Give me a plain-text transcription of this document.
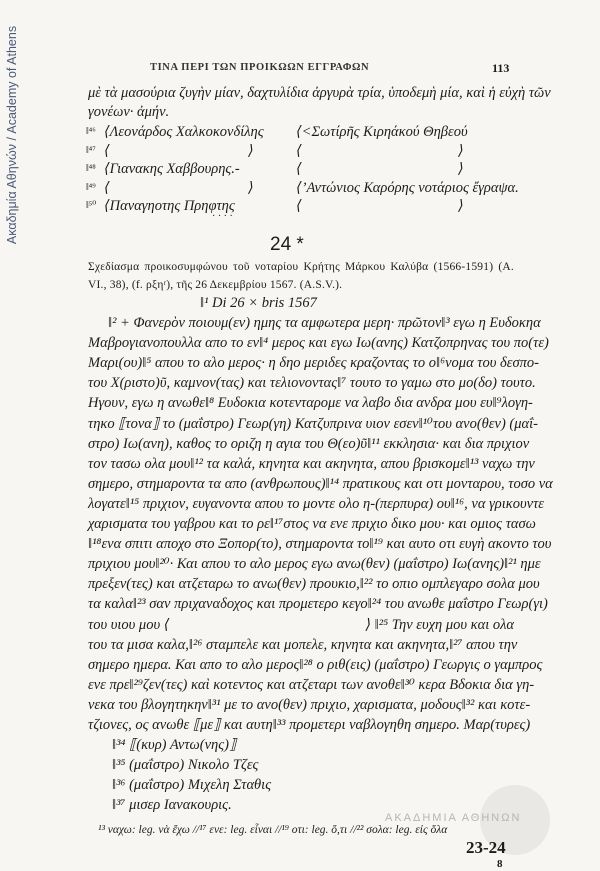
Ακαδημία Αθηνών / Academy of Athens	ΤΙΝΑ ΠΕΡΙ ΤΩΝ ΠΡΟΙΚΩΩΝ ΕΓΓΡΑΦΩΝ	113
μὲ τὰ μασούρια ζυγὴν μίαν, δαχτυλίδια ἀργυρὰ τρία, ὑποδεμὴ μία, καὶ ἡ εὐχὴ τῶν
γονέων· ἀμήν.
‖⁴⁶ ⟨Λεονάρδος Χαλκοκονδίλης ⟨<Σωτίρῆς Κιρηάκού Θηβεού
‖⁴⁷ ⟨	⟩	⟨	⟩
‖⁴⁸ ⟨Γιανακης Χαββουρης.-	⟨	⟩
‖⁴⁹ ⟨	⟩	⟨’Αντώνιος Καρόρης νοτάριος ἔγραψα.
‖⁵⁰ ⟨Παναγηοτης Πρηφτης	⟨	⟩
· · · ·
24 *
Σχεδίασμα προικοσυμφώνου τοῦ νοταρίου Κρήτης Μάρκου Καλύβα (1566-1591) (A.
VI., 38), (f. ρξηʳ), τῆς 26 Δεκεμβρίου 1567. (A.S.V.).
‖¹ Di 26 × bris 1567
‖² + Φανερὸν ποιουμ(εν) ημης τα αμφωτερα μερη· πρῶτον‖³ εγω η Ευδοκηα
Μαβρογιανοπουλλα απο το εν‖⁴ μερος και εγω Ιω(ανης) Κατζοπρηνας του πο(τε)
Μαρι(ου)‖⁵ απου το αλο μερος· η δηο μεριδες κραζοντας το ο‖⁶νομα του δεσπο-
του Χ(ριστο)ῦ, καμνον(τας) και τελιονοντας‖⁷ τουτο το γαμω στο μο(δο) τουτο.
Ηγουν, εγω η ανωθε‖⁸ Ευδοκια κοτενταρομε να λαβο δια ανδρα μου ευ‖⁹λογη-
τηκο ⟦τονα⟧ το (μαΐστρο) Γεωρ(γη) Κατζυπρινα υιον εσεν‖¹⁰του ανο(θεν) (μαΐ-
στρο) Ιω(ανη), καθος το οριζη η αγια του Θ(εο)ῦ‖¹¹ εκκλησια· και δια πριχιον
τον τασω ολα μου‖¹² τα καλά, κηνητα και ακηνητα, απου βρισκομε‖¹³ ναχω την
σημερο, στημαροντα τα απο (ανθρωπους)‖¹⁴ πρατικους και οτι μονταρου, τοσο να
λογατε‖¹⁵ πριχιον, ευγανοντα απου το μοντε ολο η-(περπυρα) ου‖¹⁶, να γρικουντε
χαρισματα του γαβρου και το ρε‖¹⁷στος να ενε πριχιο δικο μου· και ομιος τασω
‖¹⁸ενα σπιτι αποχο στο Ξοπορ(το), στημαροντα το‖¹⁹ και αυτο οτι ευγὴ ακοντο του
πριχιου μου‖²⁰· Και απου το αλο μερος εγω ανω(θεν) (μαΐστρο) Ιω(ανης)‖²¹ ημε
πρεξεν(τες) και ατζεταρω το ανω(θεν) προυκιο,‖²² το οπιο ομπλεγαρο σολα μου
τα καλα‖²³ σαν πριχαναδοχος και προμετερο κεγο‖²⁴ του ανωθε μαΐστρο Γεωρ(γι)
του υιου μου ⟨	⟩ ‖²⁵ Την ευχη μου και ολα
του τα μισα καλα,‖²⁶ σταμπελε και μοπελε, κηνητα και ακηνητα,‖²⁷ απου την
σημερο ημερα. Και απο το αλο μερος‖²⁸ ο ριθ(εις) (μαΐστρο) Γεωργις ο γαμπρος
ενε πρε‖²⁹ζεν(τες) καὶ κοτεντος και ατζεταρι των ανοθε‖³⁰ κερα Βδοκια δια γη-
νεκα του βλογητηκην‖³¹ με το ανο(θεν) πριχιο, χαρισματα, μοδους‖³² και κοτε-
τζιονες, ος ανωθε ⟦με⟧ και αυτη‖³³ προμετερι ναβλογηθη σημερο. Μαρ(τυρες)
‖³⁴ ⟦(κυρ) Αντω(νης)⟧
‖³⁵ (μαΐστρο) Νικολο Τζες
‖³⁶ (μαΐστρο) Μιχελη Σταθις
‖³⁷ μισερ Ιανακουρις.
¹³ ναχω: leg. νὰ ἔχω //¹⁷ ενε: leg. εἶναι //¹⁹ οτι: leg. ὅ,τι //²² σολα: leg. εἰς ὅλα
ΑΚΑΔΗΜΙΑ ΑΘΗΝΩΝ
23-24
8
